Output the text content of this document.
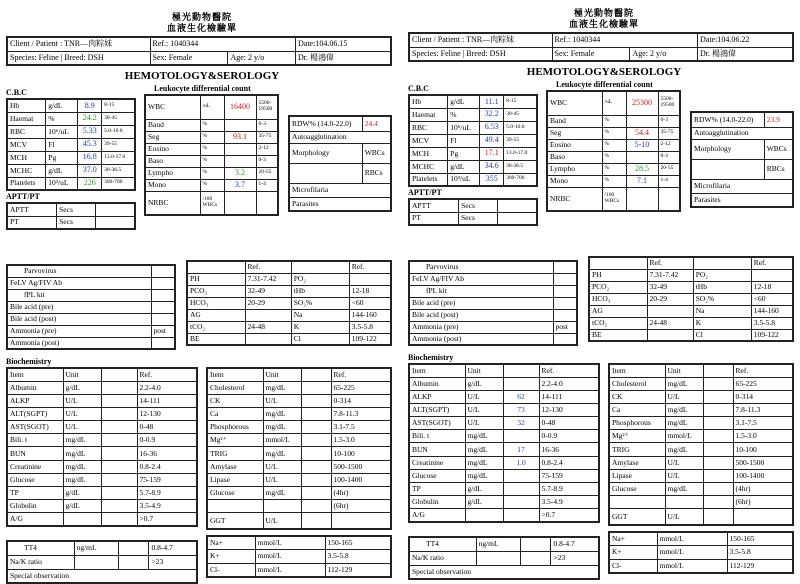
極光動物醫院
血液生化檢驗單
Client / Patient : TNR—肉粽妹	Ref.: 1040344		Date:104.06.15
Species: Feline | Breed: DSH	Sex: Female	Age: 2 y/o	Dr. 楊鴻偉
HEMOTOLOGY&SEROLOGY
C.B.C	Leukocyte differential count
Hb	g/dL	8.9	8-15
Haemat	%	24.2	30-45
RBC	10⁶/uL	5.33	5.0-10.0
MCV	Fl	45.3	39-55
MCH	Pg	16.8	13.0-17.0
MCHC	g/dL	37.0	30-36.5
Platelets	10³/uL	226	300-700
WBC	/uL	16400	5500-19500
Band	%		0-3
Seg	%	93.1	35-75
Eosino	%		2-12
Baso	%		0-3
Lympho	%	3.2	20-55
Mono	%	3.7	1-4
NRBC	/100 WBCs		
RDW% (14.0-22.0)	24.4
Autoagglutination	
Morphology	WBCs
	RBCs
Microfilaria	
Parasites	
APTT/PT
APTT	Secs	
PT	Secs	
Parvovirus	
FeLV Ag/FIV Ab	
fPL kit	
Bile acid (pre)	
Bile acid (post)	
Ammonia (pre)	post
Ammonia (post)	
	Ref.		Ref.
PH	7.31-7.42	PO₂	
PCO₂	32-49	tHb	12-18
HCO₃	20-29	SO₂%	<60
AG		Na	144-160
tCO₂	24-48	K	3.5-5.8
BE		Cl	109-122
Biochemistry
Item	Unit		Ref.
Albumin	g/dL		2.2-4.0
ALKP	U/L		14-111
ALT(SGPT)	U/L		12-130
AST(SGOT)	U/L		0-48
Bili. t	mg/dL		0-0.9
BUN	mg/dL		16-36
Creatinine	mg/dL		0.8-2.4
Glucose	mg/dL		75-159
TP	g/dL		5.7-8.9
Globulin	g/dL		3.5-4.9
A/G			>0.7
Item	Unit		Ref.
Cholesterol	mg/dL		65-225
CK	U/L		0-314
Ca	mg/dL		7.8-11.3
Phosphorous	mg/dL		3.1-7.5
Mg²⁺	mmol/L		1.5-3.0
TRIG	mg/dL		10-100
Amylase	U/L		500-1500
Lipase	U/L		100-1400
Glucose	mg/dL		(4hr)
			(6hr)
GGT	U/L		
TT4	ng/mL		0.8-4.7
Na/K ratio			>23
Special observation			
Na+	mmol/L	150-165
K+	mmol/L	3.5-5.8
Cl-	mmol/L	112-129
極光動物醫院
血液生化檢驗單
Client / Patient : TNR—肉粽妹	Ref.: 1040344		Date:104.06.22
Species: Feline | Breed: DSH	Sex: Female	Age: 2 y/o	Dr. 楊鴻偉
HEMOTOLOGY&SEROLOGY
C.B.C	Leukocyte differential count
Hb	g/dL	11.1	8-15
Haemat	%	32.2	30-45
RBC	10⁶/uL	6.53	5.0-10.0
MCV	Fl	49.4	39-55
MCH	Pg	17.1	13.0-17.0
MCHC	g/dL	34.6	30-36.5
Platelets	10³/uL	355	300-700
WBC	/uL	25300	5500-19500
Band	%		0-3
Seg	%	54.4	35-75
Eosino	%	5-10	2-12
Baso	%		0-3
Lympho	%	28.5	20-55
Mono	%	7.1	1-4
NRBC	/100 WBCs		
RDW% (14.0-22.0)	23.9
Autoagglutination	
Morphology	WBCs
	RBCs
Microfilaria	
Parasites	
APTT/PT
APTT	Secs	
PT	Secs	
Parvovirus	
FeLV Ag/FIV Ab	
fPL kit	
Bile acid (pre)	
Bile acid (post)	
Ammonia (pre)	post
Ammonia (post)	
	Ref.		Ref.
PH	7.31-7.42	PO₂	
PCO₂	32-49	tHb	12-18
HCO₃	20-29	SO₂%	<60
AG		Na	144-160
tCO₂	24-48	K	3.5-5.8
BE		Cl	109-122
Biochemistry
Item	Unit		Ref.
Albumin	g/dL		2.2-4.0
ALKP	U/L	62	14-111
ALT(SGPT)	U/L	73	12-130
AST(SGOT)	U/L	32	0-48
Bili. t	mg/dL		0-0.9
BUN	mg/dL	17	16-36
Creatinine	mg/dL	1.0	0.8-2.4
Glucose	mg/dL		75-159
TP	g/dL		5.7-8.9
Globulin	g/dL		3.5-4.9
A/G			>0.7
Item	Unit		Ref.
Cholesterol	mg/dL		65-225
CK	U/L		0-314
Ca	mg/dL		7.8-11.3
Phosphorous	mg/dL		3.1-7.5
Mg²⁺	mmol/L		1.5-3.0
TRIG	mg/dL		10-100
Amylase	U/L		500-1500
Lipase	U/L		100-1400
Glucose	mg/dL		(4hr)
			(6hr)
GGT	U/L		
TT4	ng/mL		0.8-4.7
Na/K ratio			>23
Special observation			
Na+	mmol/L	150-165
K+	mmol/L	3.5-5.8
Cl-	mmol/L	112-129
